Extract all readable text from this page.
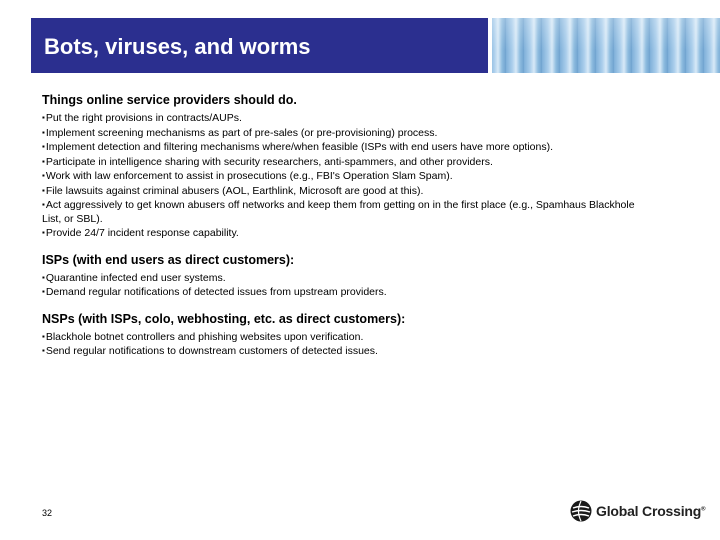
Bots, viruses, and worms
Things online service providers should do.
▪Put the right provisions in contracts/AUPs.
▪Implement screening mechanisms as part of pre-sales (or pre-provisioning) process.
▪Implement detection and filtering mechanisms where/when feasible (ISPs with end users have more options).
▪Participate in intelligence sharing with security researchers, anti-spammers, and other providers.
▪Work with law enforcement to assist in prosecutions (e.g., FBI's Operation Slam Spam).
▪File lawsuits against criminal abusers (AOL, Earthlink, Microsoft are good at this).
▪Act aggressively to get known abusers off networks and keep them from getting on in the first place (e.g., Spamhaus Blackhole List, or SBL).
▪Provide 24/7 incident response capability.
ISPs (with end users as direct customers):
▪Quarantine infected end user systems.
▪Demand regular notifications of detected issues from upstream providers.
NSPs (with ISPs, colo, webhosting, etc. as direct customers):
▪Blackhole botnet controllers and phishing websites upon verification.
▪Send regular notifications to downstream customers of detected issues.
32	Global Crossing®
